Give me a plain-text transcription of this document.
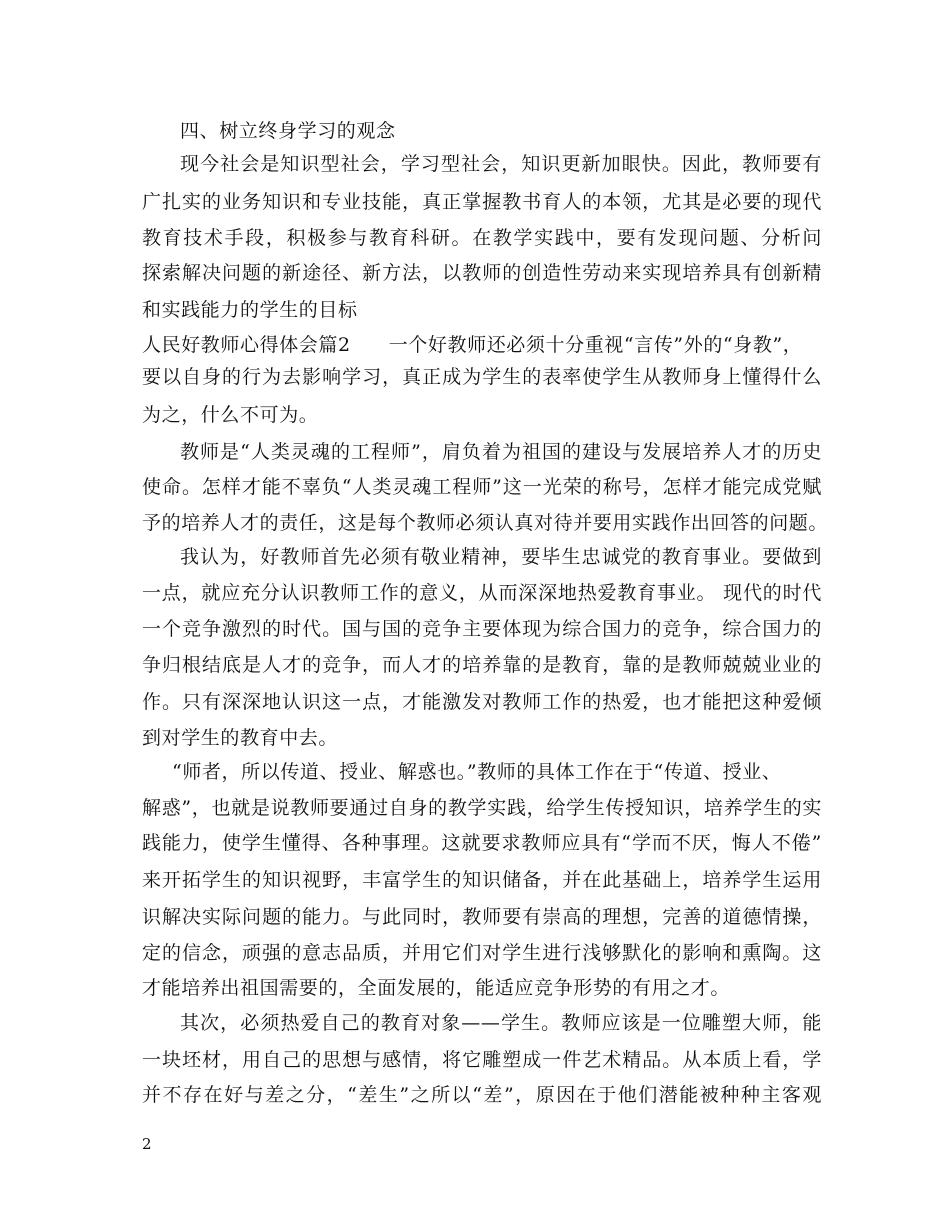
四、树立终身学习的观念
现今社会是知识型社会，学习型社会，知识更新加眼快。因此，教师要有
广扎实的业务知识和专业技能，真正掌握教书育人的本领，尤其是必要的现代
教育技术手段，积极参与教育科研。在教学实践中，要有发现问题、分析问
探索解决问题的新途径、新方法，以教师的创造性劳动来实现培养具有创新精
和实践能力的学生的目标
人民好教师心得体会篇2 一个好教师还必须十分重视“言传”外的“身教”，
要以自身的行为去影响学习，真正成为学生的表率使学生从教师身上懂得什么
为之，什么不可为。
教师是“人类灵魂的工程师”，肩负着为祖国的建设与发展培养人才的历史
使命。怎样才能不辜负“人类灵魂工程师”这一光荣的称号，怎样才能完成党赋
予的培养人才的责任，这是每个教师必须认真对待并要用实践作出回答的问题。
我认为，好教师首先必须有敬业精神，要毕生忠诚党的教育事业。要做到
一点，就应充分认识教师工作的意义，从而深深地热爱教育事业。 现代的时代
一个竞争激烈的时代。国与国的竞争主要体现为综合国力的竞争，综合国力的
争归根结底是人才的竞争，而人才的培养靠的是教育，靠的是教师兢兢业业的
作。只有深深地认识这一点，才能激发对教师工作的热爱，也才能把这种爱倾
到对学生的教育中去。
“师者，所以传道、授业、解惑也。”教师的具体工作在于“传道、授业、
解惑”，也就是说教师要通过自身的教学实践，给学生传授知识，培养学生的实
践能力，使学生懂得、各种事理。这就要求教师应具有“学而不厌，悔人不倦”
来开拓学生的知识视野，丰富学生的知识储备，并在此基础上，培养学生运用
识解决实际问题的能力。与此同时，教师要有崇高的理想，完善的道德情操，
定的信念，顽强的意志品质，并用它们对学生进行浅够默化的影响和熏陶。这
才能培养出祖国需要的，全面发展的，能适应竞争形势的有用之才。
其次，必须热爱自己的教育对象——学生。教师应该是一位雕塑大师，能
一块坯材，用自己的思想与感情，将它雕塑成一件艺术精品。从本质上看，学
并不存在好与差之分，“差生”之所以“差”，原因在于他们潜能被种种主客观
2
